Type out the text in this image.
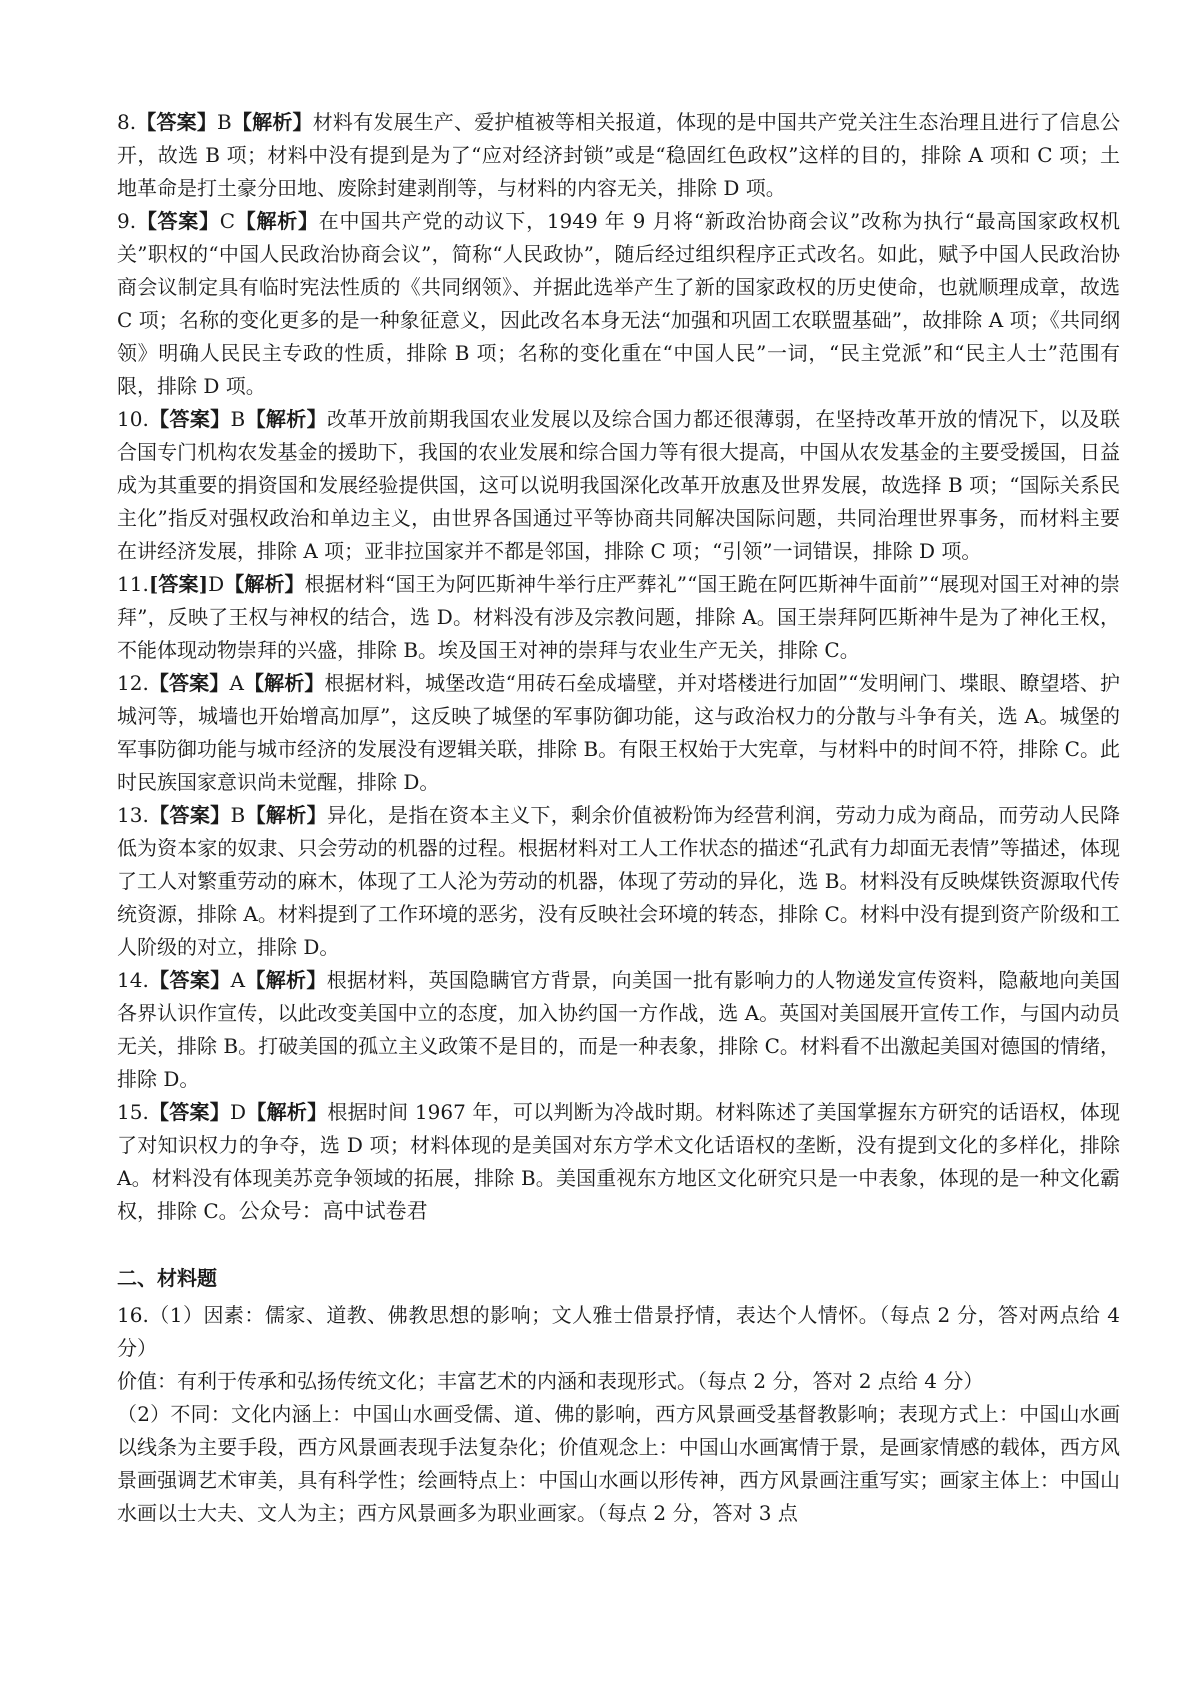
8.【答案】B【解析】材料有发展生产、爱护植被等相关报道，体现的是中国共产党关注生态治理且进行了信息公开，故选 B 项；材料中没有提到是为了“应对经济封锁”或是“稳固红色政权”这样的目的，排除 A 项和 C 项；土地革命是打土豪分田地、废除封建剥削等，与材料的内容无关，排除 D 项。

9.【答案】C【解析】在中国共产党的动议下，1949 年 9 月将“新政治协商会议”改称为执行“最高国家政权机关”职权的“中国人民政治协商会议”，简称“人民政协”，随后经过组织程序正式改名。如此，赋予中国人民政治协商会议制定具有临时宪法性质的《共同纲领》、并据此选举产生了新的国家政权的历史使命，也就顺理成章，故选 C 项；名称的变化更多的是一种象征意义，因此改名本身无法“加强和巩固工农联盟基础”，故排除 A 项；《共同纲领》明确人民民主专政的性质，排除 B 项；名称的变化重在“中国人民”一词，“民主党派”和“民主人士”范围有限，排除 D 项。

10.【答案】B【解析】改革开放前期我国农业发展以及综合国力都还很薄弱，在坚持改革开放的情况下，以及联合国专门机构农发基金的援助下，我国的农业发展和综合国力等有很大提高，中国从农发基金的主要受援国，日益成为其重要的捐资国和发展经验提供国，这可以说明我国深化改革开放惠及世界发展，故选择 B 项；“国际关系民主化”指反对强权政治和单边主义，由世界各国通过平等协商共同解决国际问题，共同治理世界事务，而材料主要在讲经济发展，排除 A 项；亚非拉国家并不都是邻国，排除 C 项；“引领”一词错误，排除 D 项。

11.[答案]D【解析】根据材料“国王为阿匹斯神牛举行庄严葬礼”“国王跪在阿匹斯神牛面前”“展现对国王对神的崇拜”，反映了王权与神权的结合，选 D。材料没有涉及宗教问题，排除 A。国王崇拜阿匹斯神牛是为了神化王权，不能体现动物崇拜的兴盛，排除 B。埃及国王对神的崇拜与农业生产无关，排除 C。

12.【答案】A【解析】根据材料，城堡改造“用砖石垒成墙壁，并对塔楼进行加固”“发明闸门、堞眼、瞭望塔、护城河等，城墙也开始增高加厚”，这反映了城堡的军事防御功能，这与政治权力的分散与斗争有关，选 A。城堡的军事防御功能与城市经济的发展没有逻辑关联，排除 B。有限王权始于大宪章，与材料中的时间不符，排除 C。此时民族国家意识尚未觉醒，排除 D。

13.【答案】B【解析】异化，是指在资本主义下，剩余价值被粉饰为经营利润，劳动力成为商品，而劳动人民降低为资本家的奴隶、只会劳动的机器的过程。根据材料对工人工作状态的描述“孔武有力却面无表情”等描述，体现了工人对繁重劳动的麻木，体现了工人沦为劳动的机器，体现了劳动的异化，选 B。材料没有反映煤铁资源取代传统资源，排除 A。材料提到了工作环境的恶劣，没有反映社会环境的转态，排除 C。材料中没有提到资产阶级和工人阶级的对立，排除 D。

14.【答案】A【解析】根据材料，英国隐瞒官方背景，向美国一批有影响力的人物递发宣传资料，隐蔽地向美国各界认识作宣传，以此改变美国中立的态度，加入协约国一方作战，选 A。英国对美国展开宣传工作，与国内动员无关，排除 B。打破美国的孤立主义政策不是目的，而是一种表象，排除 C。材料看不出激起美国对德国的情绪，排除 D。

15.【答案】D【解析】根据时间 1967 年，可以判断为冷战时期。材料陈述了美国掌握东方研究的话语权，体现了对知识权力的争夺，选 D 项；材料体现的是美国对东方学术文化话语权的垄断，没有提到文化的多样化，排除 A。材料没有体现美苏竞争领域的拓展，排除 B。美国重视东方地区文化研究只是一中表象，体现的是一种文化霸权，排除 C。公众号：高中试卷君

二、材料题

16.（1）因素：儒家、道教、佛教思想的影响；文人雅士借景抒情，表达个人情怀。（每点 2 分，答对两点给 4 分）

价值：有利于传承和弘扬传统文化；丰富艺术的内涵和表现形式。（每点 2 分，答对 2 点给 4 分）

（2）不同：文化内涵上：中国山水画受儒、道、佛的影响，西方风景画受基督教影响；表现方式上：中国山水画以线条为主要手段，西方风景画表现手法复杂化；价值观念上：中国山水画寓情于景，是画家情感的载体，西方风景画强调艺术审美，具有科学性；绘画特点上：中国山水画以形传神，西方风景画注重写实；画家主体上：中国山水画以士大夫、文人为主；西方风景画多为职业画家。（每点 2 分，答对 3 点
